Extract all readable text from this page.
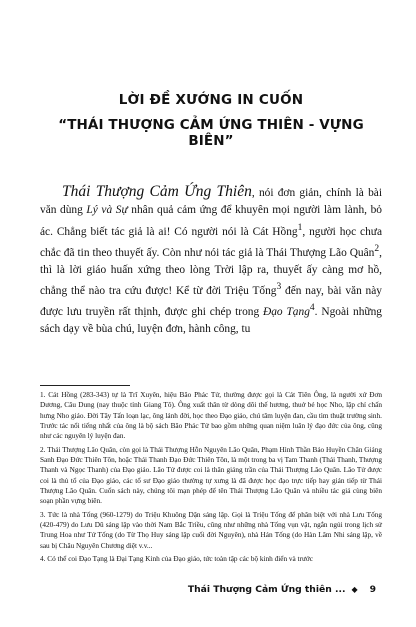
LỜI ĐỀ XƯỚNG IN CUỐN
“THÁI THƯỢNG CẢM ỨNG THIÊN - VỰNG BIÊN”
Thái Thượng Cảm Ứng Thiên, nói đơn giản, chính là bài văn dùng Lý và Sự nhân quả cảm ứng để khuyên mọi người làm lành, bỏ ác. Chẳng biết tác giả là ai! Có người nói là Cát Hồng$^1$, người học chưa chắc đã tin theo thuyết ấy. Còn như nói tác giả là Thái Thượng Lão Quân$^2$, thì là lời giáo huấn xứng theo lòng Trời lập ra, thuyết ấy càng mơ hồ, chẳng thể nào tra cứu được! Kể từ đời Triệu Tống$^3$ đến nay, bài văn này được lưu truyền rất thịnh, được ghi chép trong Đạo Tạng$^4$. Ngoài những sách dạy về bùa chú, luyện đơn, hành công, tu

1. Cát Hồng (283-343) tự là Trĩ Xuyên, hiệu Bão Phác Tử, thường được gọi là Cát Tiên Ông, là người xứ Đơn Dương, Câu Dung (nay thuộc tỉnh Giang Tô). Ông xuất thân từ dòng dõi thế hương, thuở bé học Nho, lập chí chấn hưng Nho giáo. Đời Tây Tấn loạn lạc, ông lánh đời, học theo Đạo giáo, chú tâm luyện đan, cầu tìm thuật trường sinh. Trước tác nổi tiếng nhất của ông là bộ sách Bão Phác Tử bao gồm những quan niệm luân lý đạo đức của ông, cũng như các nguyên lý luyện đan.

2. Thái Thượng Lão Quân, còn gọi là Thái Thượng Hỗn Nguyên Lão Quân, Phạm Hình Thần Bảo Huyền Chân Giáng Sanh Đạo Đức Thiên Tôn, hoặc Thái Thanh Đạo Đức Thiên Tôn, là một trong ba vị Tam Thanh (Thái Thanh, Thượng Thanh và Ngọc Thanh) của Đạo giáo. Lão Tử được coi là thân giáng trần của Thái Thượng Lão Quân. Lão Tử được coi là thủ tổ của Đạo giáo, các tổ sư Đạo giáo thường tự xưng là đã được học đạo trực tiếp hay gián tiếp từ Thái Thượng Lão Quân. Cuốn sách này, chúng tôi mạn phép để tên Thái Thượng Lão Quân và nhiều tác giả cùng biên soạn phần vựng biên.

3. Tức là nhà Tống (960-1279) do Triệu Khuông Dận sáng lập. Gọi là Triệu Tống để phân biệt với nhà Lưu Tống (420-479) do Lưu Dũ sáng lập vào thời Nam Bắc Triều, cũng như những nhà Tống vụn vặt, ngắn ngủi trong lịch sử Trung Hoa như Tứ Tống (do Từ Thọ Huy sáng lập cuối đời Nguyên), nhà Hán Tống (do Hàn Lâm Nhi sáng lập, về sau bị Châu Nguyên Chương diệt v.v...

4. Có thể coi Đạo Tạng là Đại Tạng Kinh của Đạo giáo, tức toàn tập các bộ kinh điển và trước

Thái Thượng Cảm Ứng thiên ... ◆ 9
